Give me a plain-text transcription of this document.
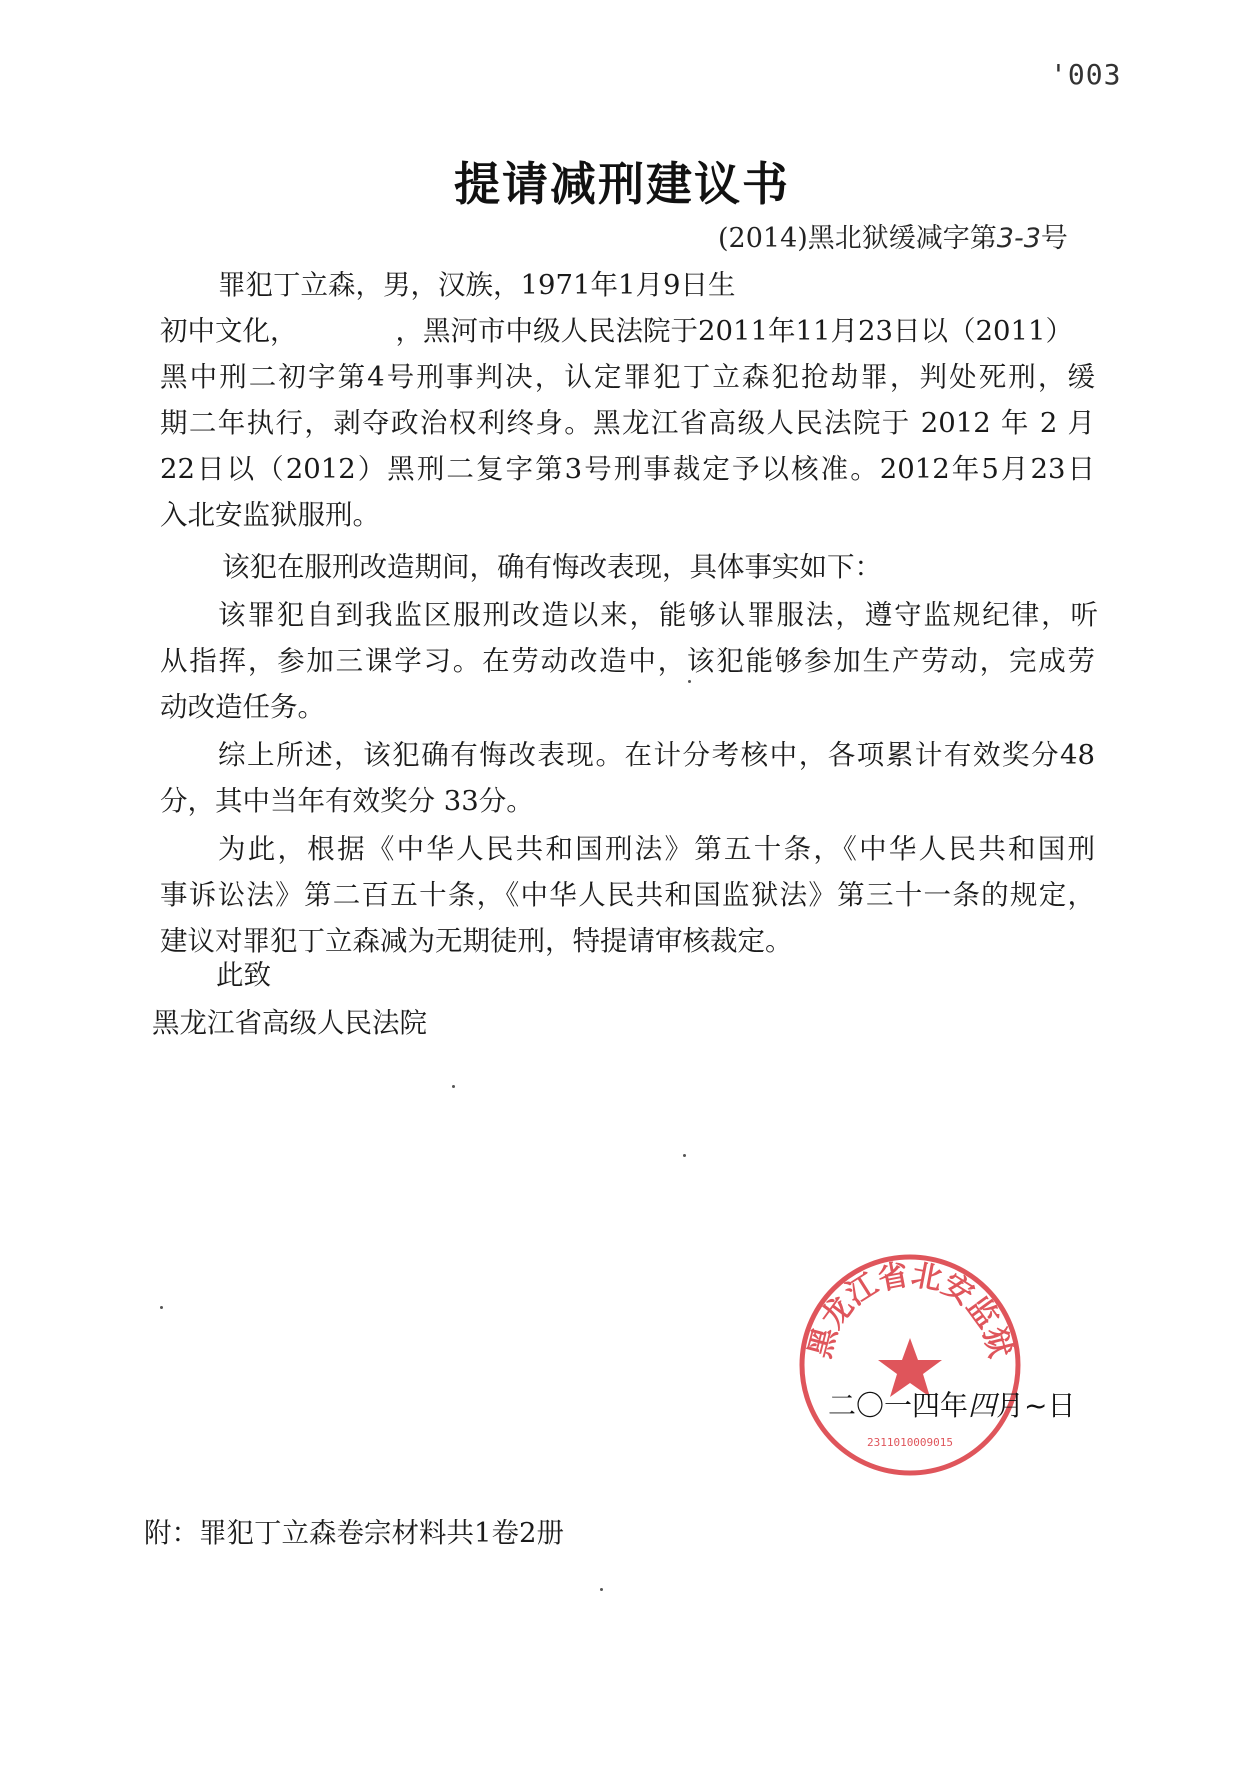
'003
提请减刑建议书
(2014)黑北狱缓减字第3-3号
罪犯丁立森，男，汉族，1971年1月9日生
初中文化，	，黑河市中级人民法院于2011年11月23日以（2011）
黑中刑二初字第4号刑事判决，认定罪犯丁立森犯抢劫罪，判处死刑，缓
期二年执行，剥夺政治权利终身。黑龙江省高级人民法院于 2012 年 2 月
22日以（2012）黑刑二复字第3号刑事裁定予以核准。2012年5月23日
入北安监狱服刑。
该犯在服刑改造期间，确有悔改表现，具体事实如下：
该罪犯自到我监区服刑改造以来，能够认罪服法，遵守监规纪律，听
从指挥，参加三课学习。在劳动改造中，该犯能够参加生产劳动，完成劳
动改造任务。
综上所述，该犯确有悔改表现。在计分考核中，各项累计有效奖分48
分，其中当年有效奖分 33分。
为此，根据《中华人民共和国刑法》第五十条，《中华人民共和国刑
事诉讼法》第二百五十条，《中华人民共和国监狱法》第三十一条的规定，
建议对罪犯丁立森减为无期徒刑，特提请审核裁定。
此致
黑龙江省高级人民法院
黑龙江省北安监狱
2311010009015
二〇一四年四月~日
附：罪犯丁立森卷宗材料共1卷2册
